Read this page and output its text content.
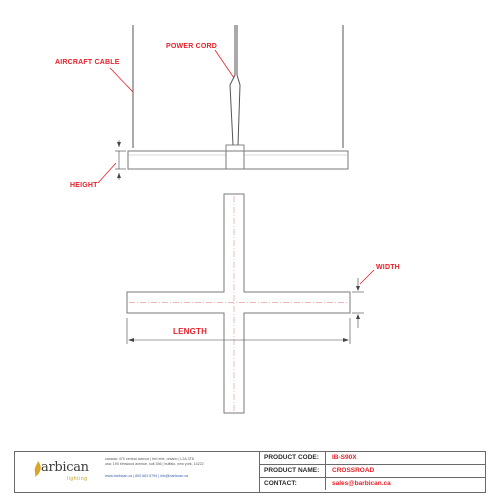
AIRCRAFT CABLE
POWER CORD
HEIGHT
WIDTH
LENGTH
arbican
lighting
canada: 470 central avenue | fort erie, ontario | L2A 3T8
usa: 190 elmwood avenue, suit 356 | buffalo, new york, 14222
www.barbican.ca | 800 663 5794 | info@barbican.ca
PRODUCT CODE:	IB-S90X
PRODUCT NAME:	CROSSROAD
CONTACT:	sales@barbican.ca
